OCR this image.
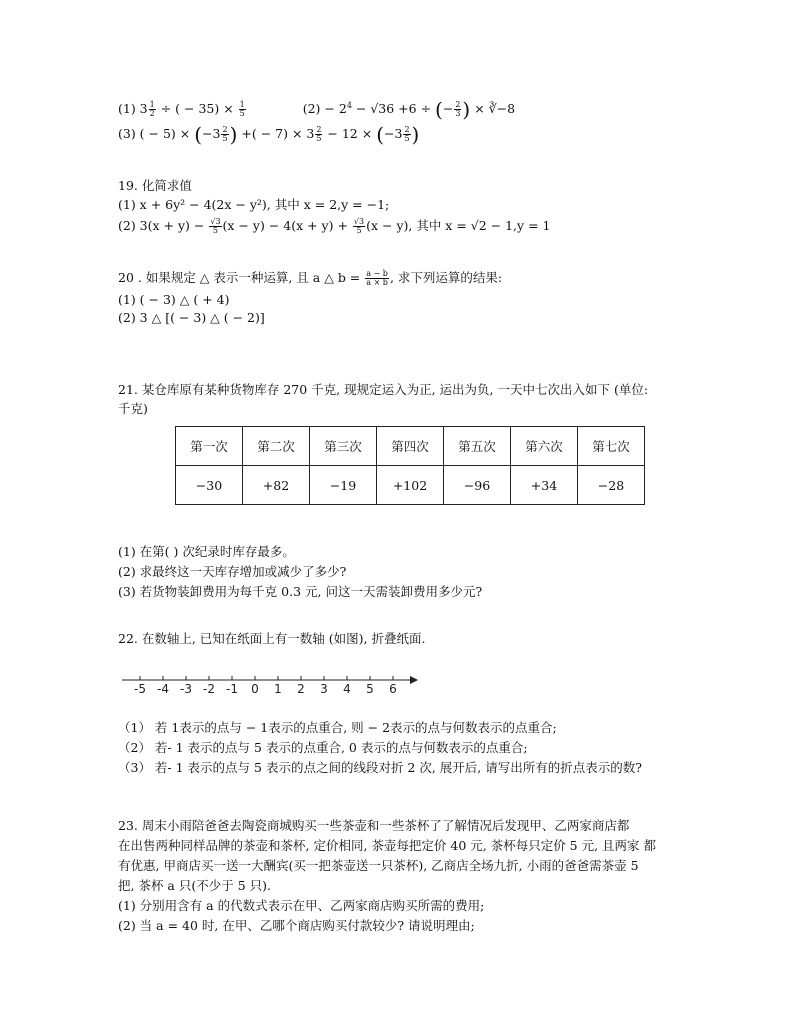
(1) $3 \frac{1}{2}$ ÷ ( − $35) \times \frac{1}{5}$	$(2) - 2^4 - √36 +6$ ÷ (− $\frac{2}{3}$ ) × ∛−8
(3) ( − $5) \times (-3 \frac{2}{5}$ ) +( − $7) \times 3 \frac{2}{5} - 12 \times (-3 \frac{2}{5}$ )
19. 化简求值
(1) x + 6y² − 4(2x − y²), 其中 x = 2,y = −1;
(2) $3(x + y) - \frac{√3}{5} (x - y) - 4(x + y) + \frac{√3}{5} (x - y)$, 其中 x = √2 − 1,y = 1
20 . 如果规定 △ 表示一种运算, 且 a △ $b = \frac{a - b}{a \times b}$ , 求下列运算的结果:
(1) ( − 3) △ ( + 4)
(2) 3 △ [( − 3) △ ( − 2)]
21. 某仓库原有某种货物库存 270 千克, 现规定运入为正, 运出为负, 一天中七次出入如下 (单位:
千克)
第一次	第二次	第三次	第四次	第五次	第六次	第七次
−30	+82	−19	+102	−96	+34	−28
(1) 在第( ) 次纪录时库存最多。
(2) 求最终这一天库存增加或减少了多少?
(3) 若货物装卸费用为每千克 0.3 元, 问这一天需装卸费用多少元?
22. 在数轴上, 已知在纸面上有一数轴 (如图), 折叠纸面.
-5 -4 -3 -2 -1 0 1 2 3 4 5 6
（1） 若 1表示的点与 − 1表示的点重合, 则 − 2表示的点与何数表示的点重合;
（2） 若- 1 表示的点与 5 表示的点重合, 0 表示的点与何数表示的点重合;
（3） 若- 1 表示的点与 5 表示的点之间的线段对折 2 次, 展开后, 请写出所有的折点表示的数?
23. 周末小雨陪爸爸去陶瓷商城购买一些茶壶和一些茶杯了了解情况后发现甲、乙两家商店都
在出售两种同样品牌的茶壶和茶杯, 定价相同, 茶壶每把定价 40 元, 茶杯每只定价 5 元, 且两家 都
有优惠, 甲商店买一送一大酬宾(买一把茶壶送一只茶杯), 乙商店全场九折, 小雨的爸爸需茶壶 5
把, 茶杯 a 只(不少于 5 只).
(1) 分别用含有 a 的代数式表示在甲、乙两家商店购买所需的费用;
(2) 当 a = 40 时, 在甲、乙哪个商店购买付款较少? 请说明理由;
